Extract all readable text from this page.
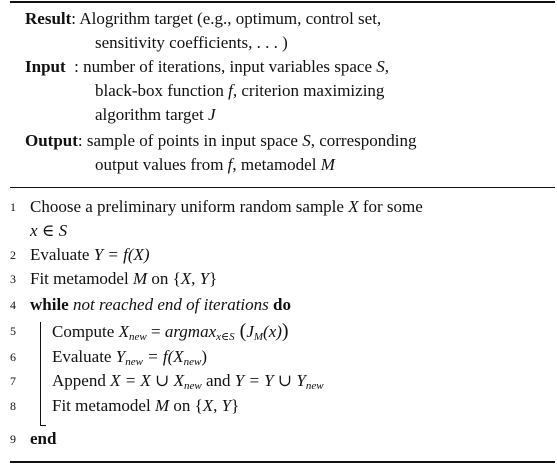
Result: Alogrithm target (e.g., optimum, control set,
sensitivity coefficients, . . . )
Input  : number of iterations, input variables space S,
black-box function f, criterion maximizing
algorithm target J
Output: sample of points in input space S, corresponding
output values from f, metamodel M
1 Choose a preliminary uniform random sample X for some
x ∈ S
2 Evaluate Y = f(X)
3 Fit metamodel M on {X, Y}
4 while not reached end of iterations do
5	Compute $X_{new} = argmax_{x\in S}$ $(J_M(x))$
6	Evaluate $Y_{new} = f(X_{new})$
7	Append X = X ∪ $X_{new}$ and Y = Y ∪ $Y_{new}$
8	Fit metamodel M on {X, Y}
9 end
